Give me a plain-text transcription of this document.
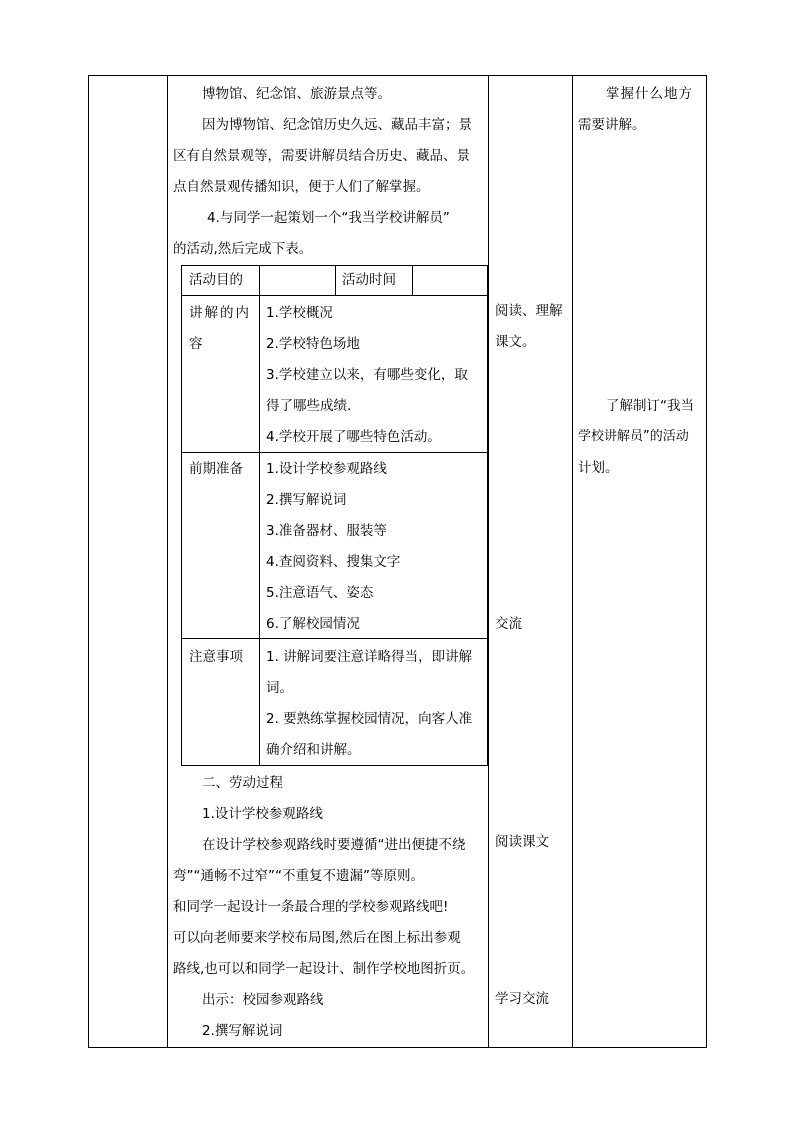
博物馆、纪念馆、旅游景点等。
因为博物馆、纪念馆历史久远、藏品丰富；景
区有自然景观等，需要讲解员结合历史、藏品、景
点自然景观传播知识，便于人们了解掌握。
4.与同学一起策划一个“我当学校讲解员”
的活动,然后完成下表。
活动目的	活动时间
讲解的内
容
1.学校概况
2.学校特色场地
3.学校建立以来，有哪些变化，取
得了哪些成绩.
4.学校开展了哪些特色活动。
前期准备 1.设计学校参观路线
2.撰写解说词
3.准备器材、服装等
4.查阅资料、搜集文字
5.注意语气、姿态
6.了解校园情况
注意事项 1. 讲解词要注意详略得当，即讲解
词。
2. 要熟练掌握校园情况，向客人准
确介绍和讲解。
二、劳动过程
1.设计学校参观路线
在设计学校参观路线时要遵循“进出便捷不绕
弯”“通畅不过窄”“不重复不遗漏”等原则。
和同学一起设计一条最合理的学校参观路线吧!
可以向老师要来学校布局图,然后在图上标出参观
路线,也可以和同学一起设计、制作学校地图折页。
出示：校园参观路线
2.撰写解说词
阅读、理解
课文。
交流
阅读课文
学习交流
掌握什么地方
需要讲解。
了解制订“我当
学校讲解员”的活动
计划。
